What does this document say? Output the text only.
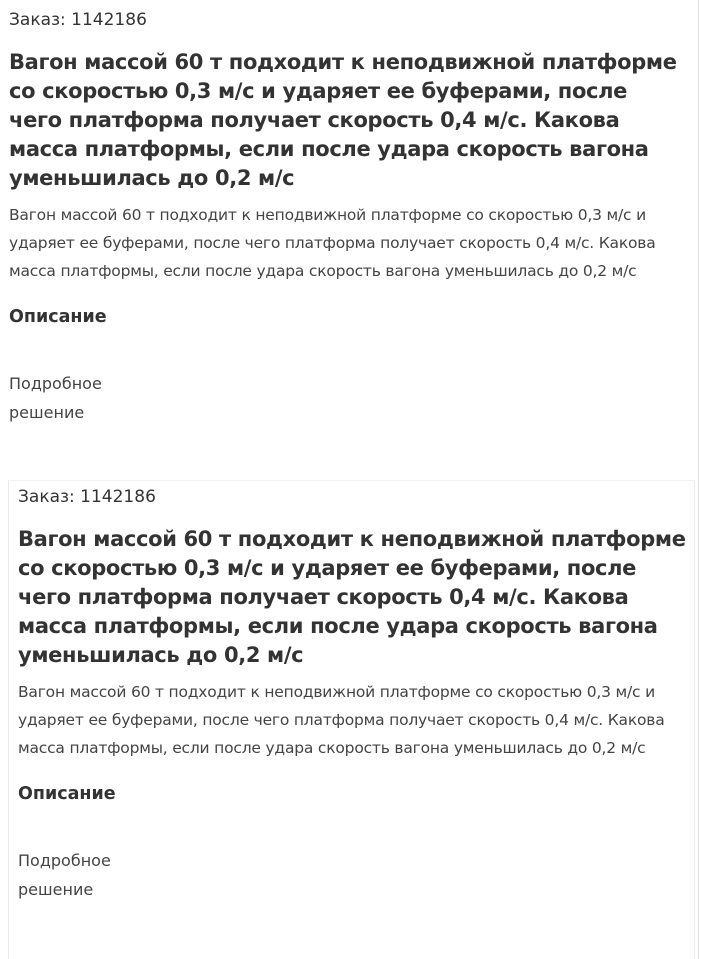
Заказ: 1142186
Вагон массой 60 т подходит к неподвижной платформе со скоростью 0,3 м/с и ударяет ее буферами, после чего платформа получает скорость 0,4 м/с. Какова масса платформы, если после удара скорость вагона уменьшилась до 0,2 м/с

Вагон массой 60 т подходит к неподвижной платформе со скоростью 0,3 м/с и ударяет ее буферами, после чего платформа получает скорость 0,4 м/с. Какова масса платформы, если после удара скорость вагона уменьшилась до 0,2 м/с

Описание
Подробное решение
Заказ: 1142186
Вагон массой 60 т подходит к неподвижной платформе со скоростью 0,3 м/с и ударяет ее буферами, после чего платформа получает скорость 0,4 м/с. Какова масса платформы, если после удара скорость вагона уменьшилась до 0,2 м/с

Вагон массой 60 т подходит к неподвижной платформе со скоростью 0,3 м/с и ударяет ее буферами, после чего платформа получает скорость 0,4 м/с. Какова масса платформы, если после удара скорость вагона уменьшилась до 0,2 м/с

Описание
Подробное решение
